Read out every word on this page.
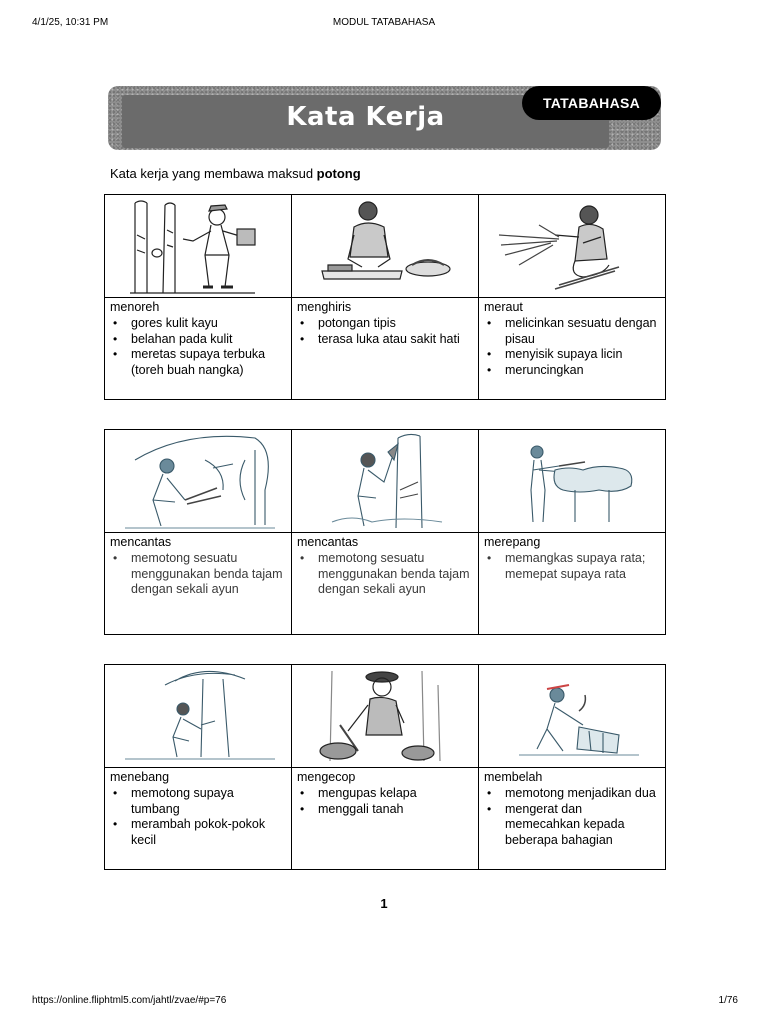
4/1/25, 10:31 PM	MODUL TATABAHASA
Kata Kerja	TATABAHASA
Kata kerja yang membawa maksud potong
menoreh
• gores kulit kayu
• belahan pada kulit
• meretas supaya terbuka (toreh buah nangka)
menghiris
• potongan tipis
• terasa luka atau sakit hati
meraut
• melicinkan sesuatu dengan pisau
• menyisik supaya licin
• meruncingkan
mencantas
• memotong sesuatu menggunakan benda tajam dengan sekali ayun
mencantas
• memotong sesuatu menggunakan benda tajam dengan sekali ayun
merepang
• memangkas supaya rata; memepat supaya rata
menebang
• memotong supaya tumbang
• merambah pokok-pokok kecil
mengecop
• mengupas kelapa
• menggali tanah
membelah
• memotong menjadikan dua
• mengerat dan memecahkan kepada beberapa bahagian
1
https://online.fliphtml5.com/jahtl/zvae/#p=76	1/76
